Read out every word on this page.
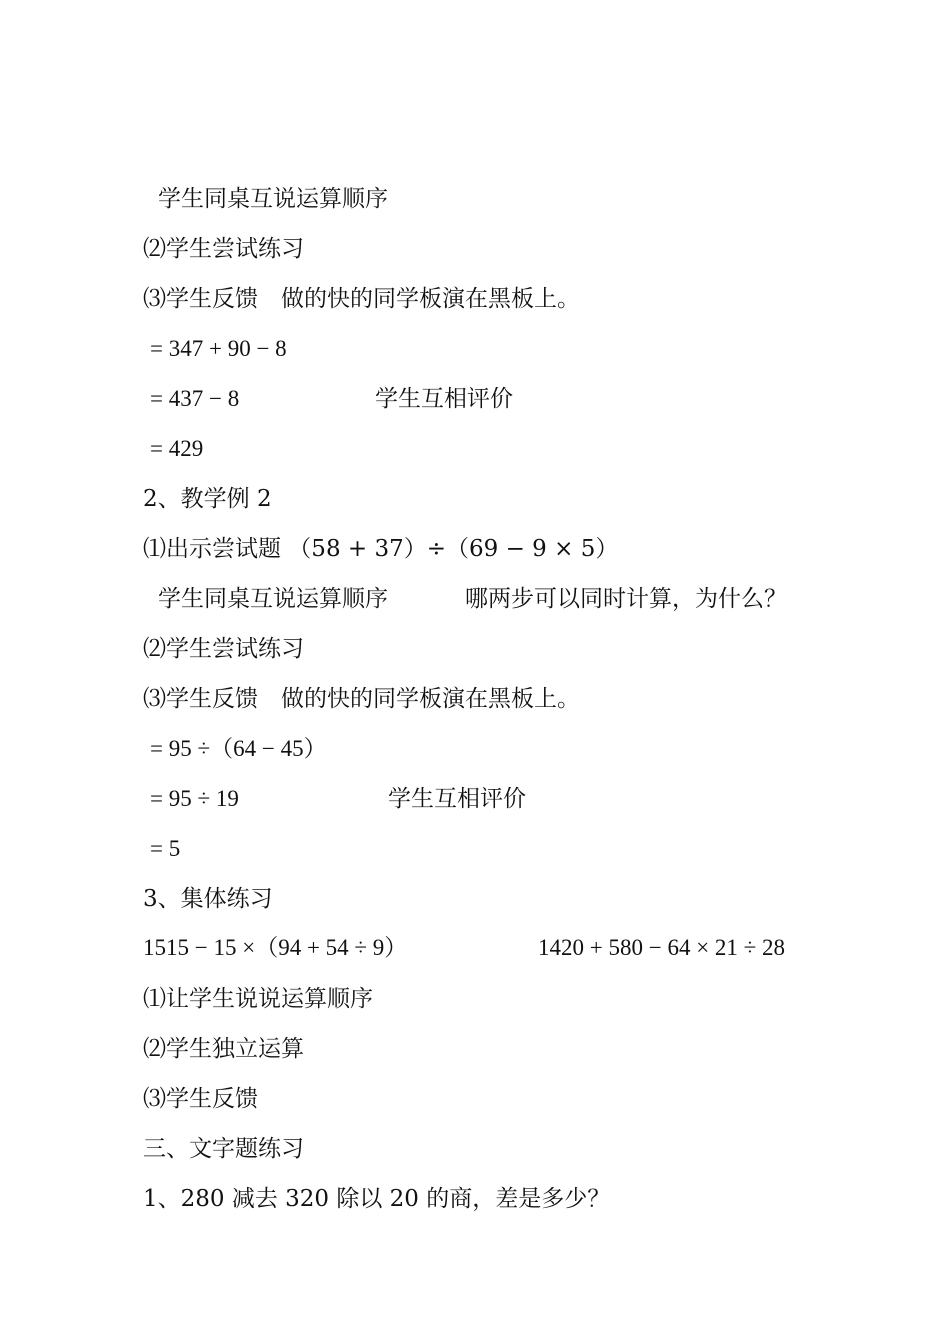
学生同桌互说运算顺序
⑵学生尝试练习
⑶学生反馈　做的快的同学板演在黑板上。
= 347 + 90 − 8
= 437 − 8	学生互相评价
= 429
2、教学例 2
⑴出示尝试题 （58 + 37）÷（69 − 9 × 5）
学生同桌互说运算顺序	哪两步可以同时计算，为什么？
⑵学生尝试练习
⑶学生反馈　做的快的同学板演在黑板上。
= 95 ÷（64 − 45）
= 95 ÷ 19	学生互相评价
= 5
3、集体练习
1515 − 15 ×（94 + 54 ÷ 9）	1420 + 580 − 64 × 21 ÷ 28
⑴让学生说说运算顺序
⑵学生独立运算
⑶学生反馈
三、文字题练习
1、280 减去 320 除以 20 的商，差是多少？
